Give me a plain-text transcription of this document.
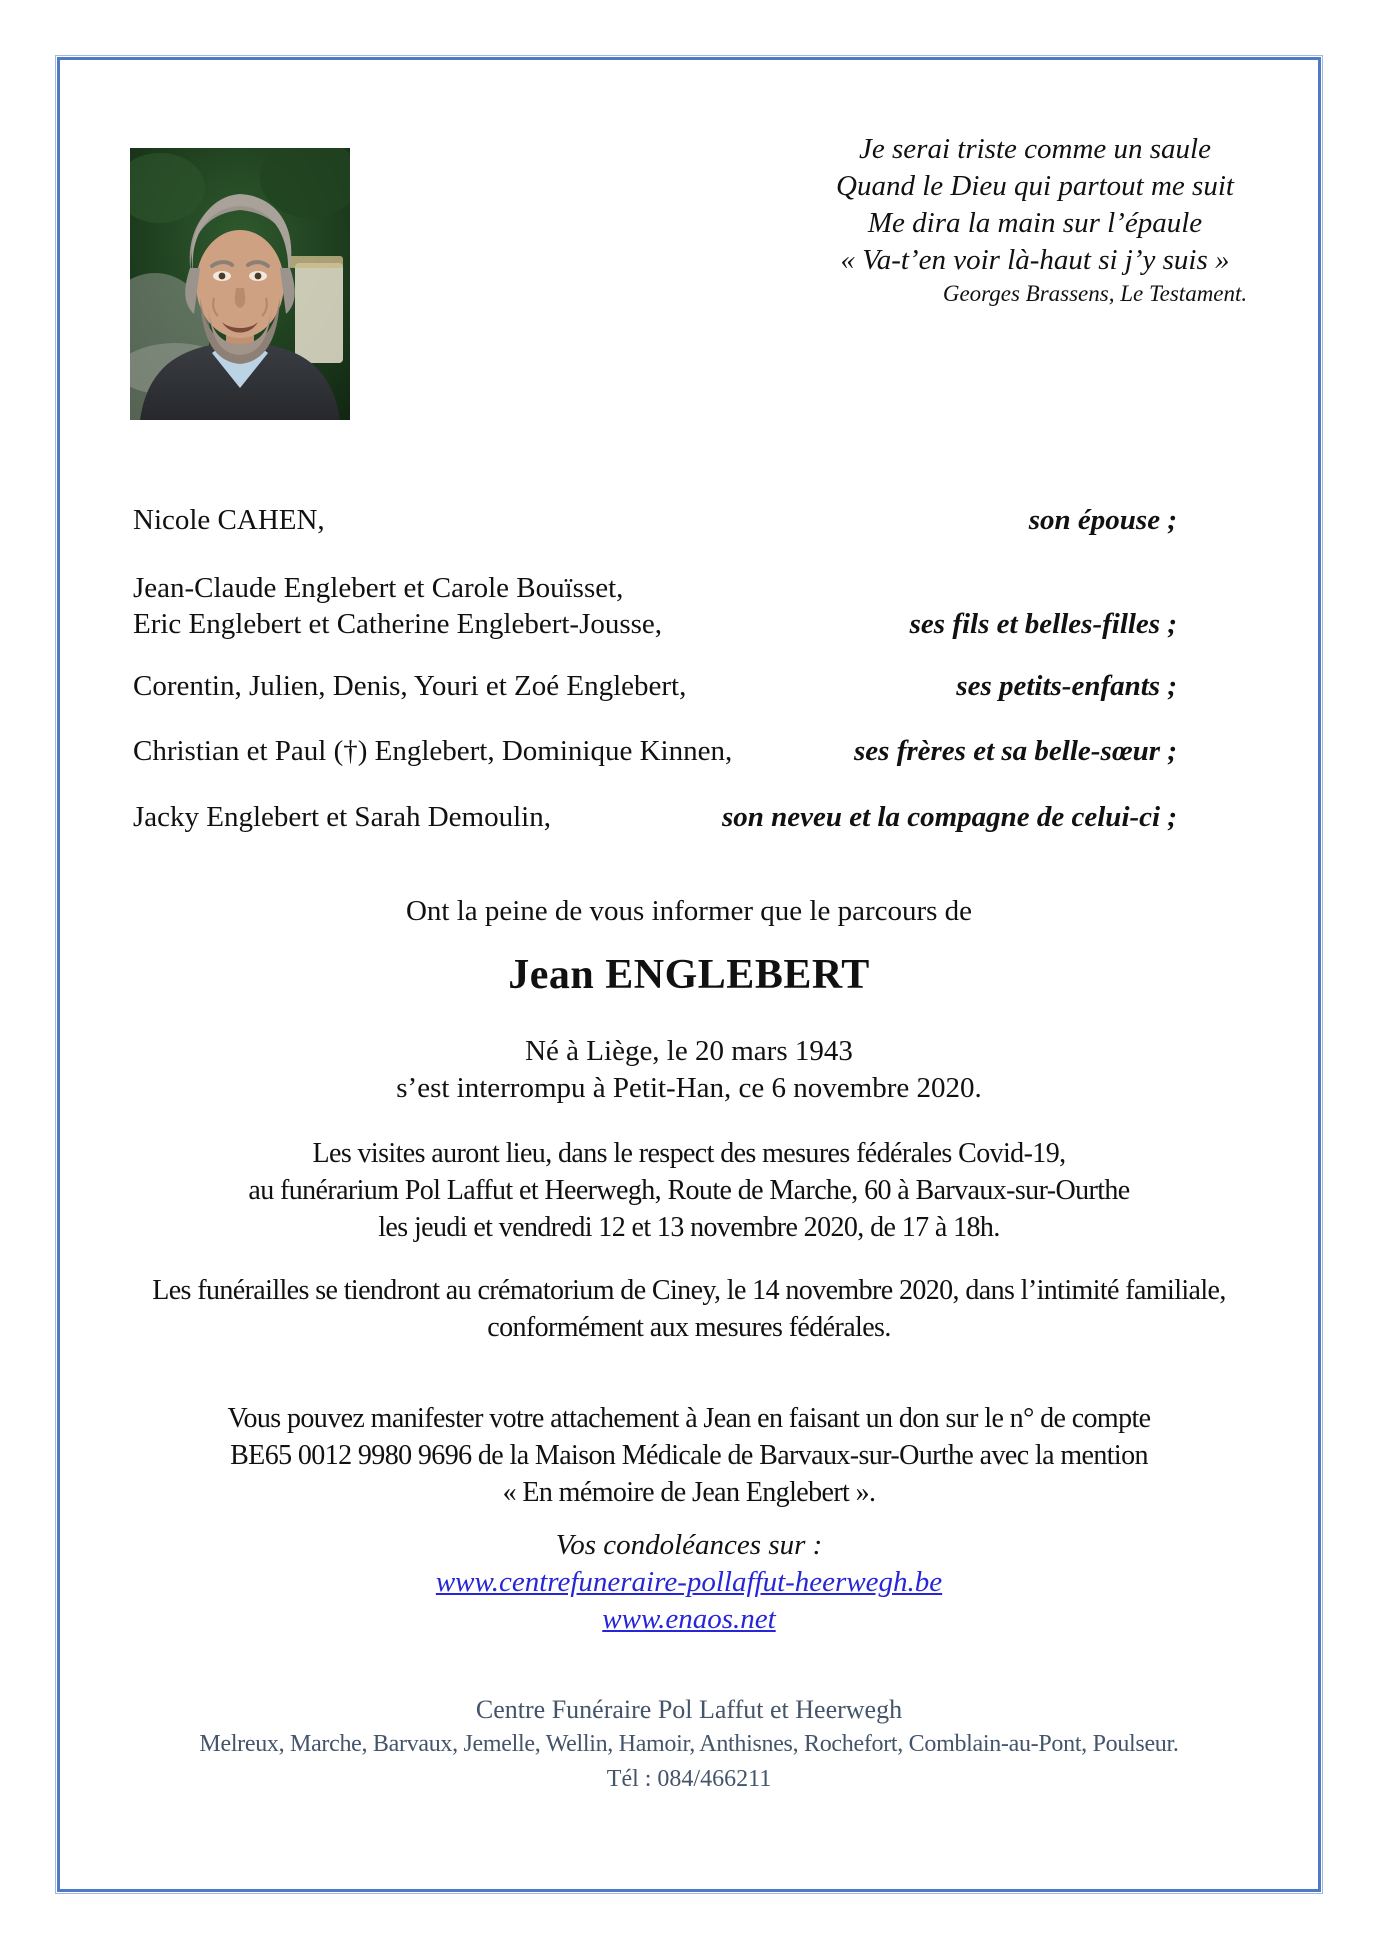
Je serai triste comme un saule
Quand le Dieu qui partout me suit
Me dira la main sur l’épaule
« Va-t’en voir là-haut si j’y suis »
Georges Brassens, Le Testament.
Nicole CAHEN,	son épouse ;
Jean-Claude Englebert et Carole Bouïsset,
Eric Englebert et Catherine Englebert-Jousse,	ses fils et belles-filles ;
Corentin, Julien, Denis, Youri et Zoé Englebert,	ses petits-enfants ;
Christian et Paul (†) Englebert, Dominique Kinnen,	ses frères et sa belle-sœur ;
Jacky Englebert et Sarah Demoulin,	son neveu et la compagne de celui-ci ;
Ont la peine de vous informer que le parcours de
Jean ENGLEBERT
Né à Liège, le 20 mars 1943
s’est interrompu à Petit-Han, ce 6 novembre 2020.
Les visites auront lieu, dans le respect des mesures fédérales Covid-19,
au funérarium Pol Laffut et Heerwegh, Route de Marche, 60 à Barvaux-sur-Ourthe
les jeudi et vendredi 12 et 13 novembre 2020, de 17 à 18h.
Les funérailles se tiendront au crématorium de Ciney, le 14 novembre 2020, dans l’intimité familiale,
conformément aux mesures fédérales.
Vous pouvez manifester votre attachement à Jean en faisant un don sur le n° de compte
BE65 0012 9980 9696 de la Maison Médicale de Barvaux-sur-Ourthe avec la mention
« En mémoire de Jean Englebert ».
Vos condoléances sur :
www.centrefuneraire-pollaffut-heerwegh.be
www.enaos.net
Centre Funéraire Pol Laffut et Heerwegh
Melreux, Marche, Barvaux, Jemelle, Wellin, Hamoir, Anthisnes, Rochefort, Comblain-au-Pont, Poulseur.
Tél : 084/466211
